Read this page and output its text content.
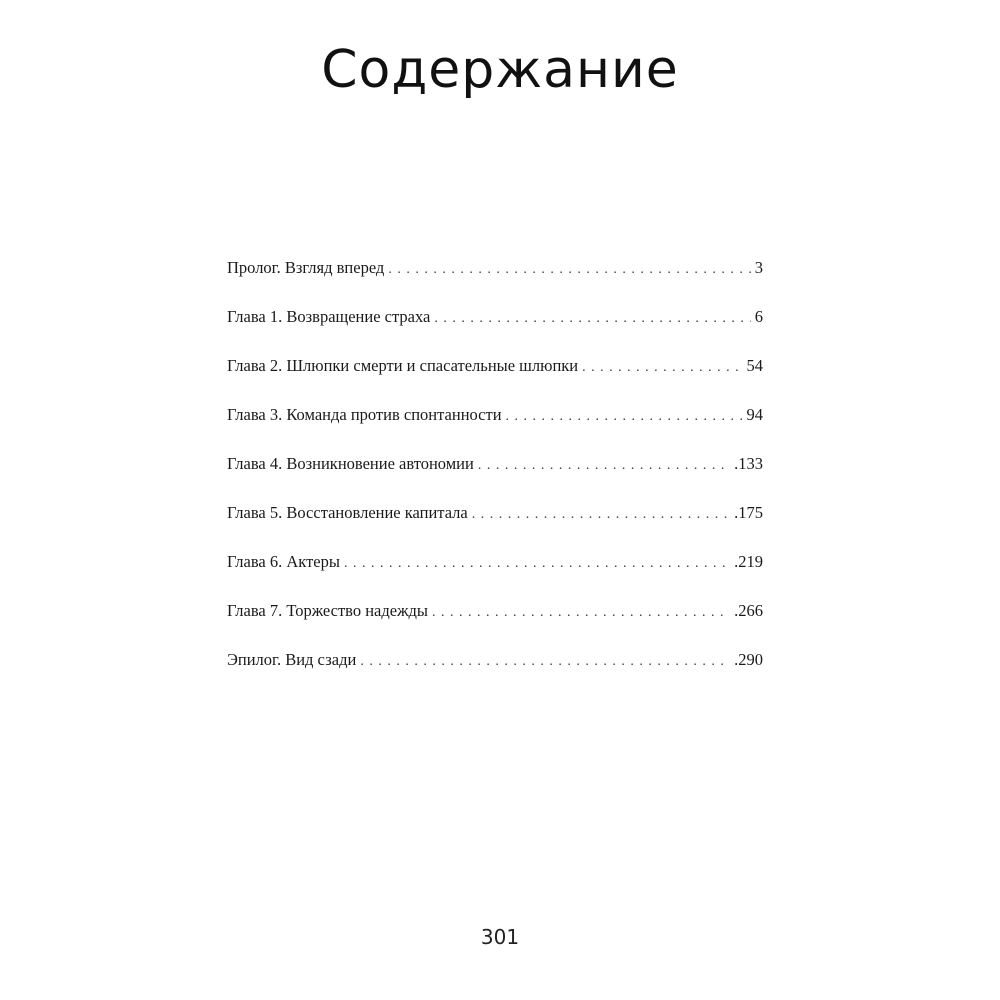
Содержание
Пролог. Взгляд вперед . . .	3
Глава 1. Возвращение страха . . .	6
Глава 2. Шлюпки смерти и спасательные шлюпки . . .	54
Глава 3. Команда против спонтанности . . .	94
Глава 4. Возникновение автономии . . .	.133
Глава 5. Восстановление капитала . . .	.175
Глава 6. Актеры . . .	.219
Глава 7. Торжество надежды . . .	.266
Эпилог. Вид сзади . . .	.290
301
